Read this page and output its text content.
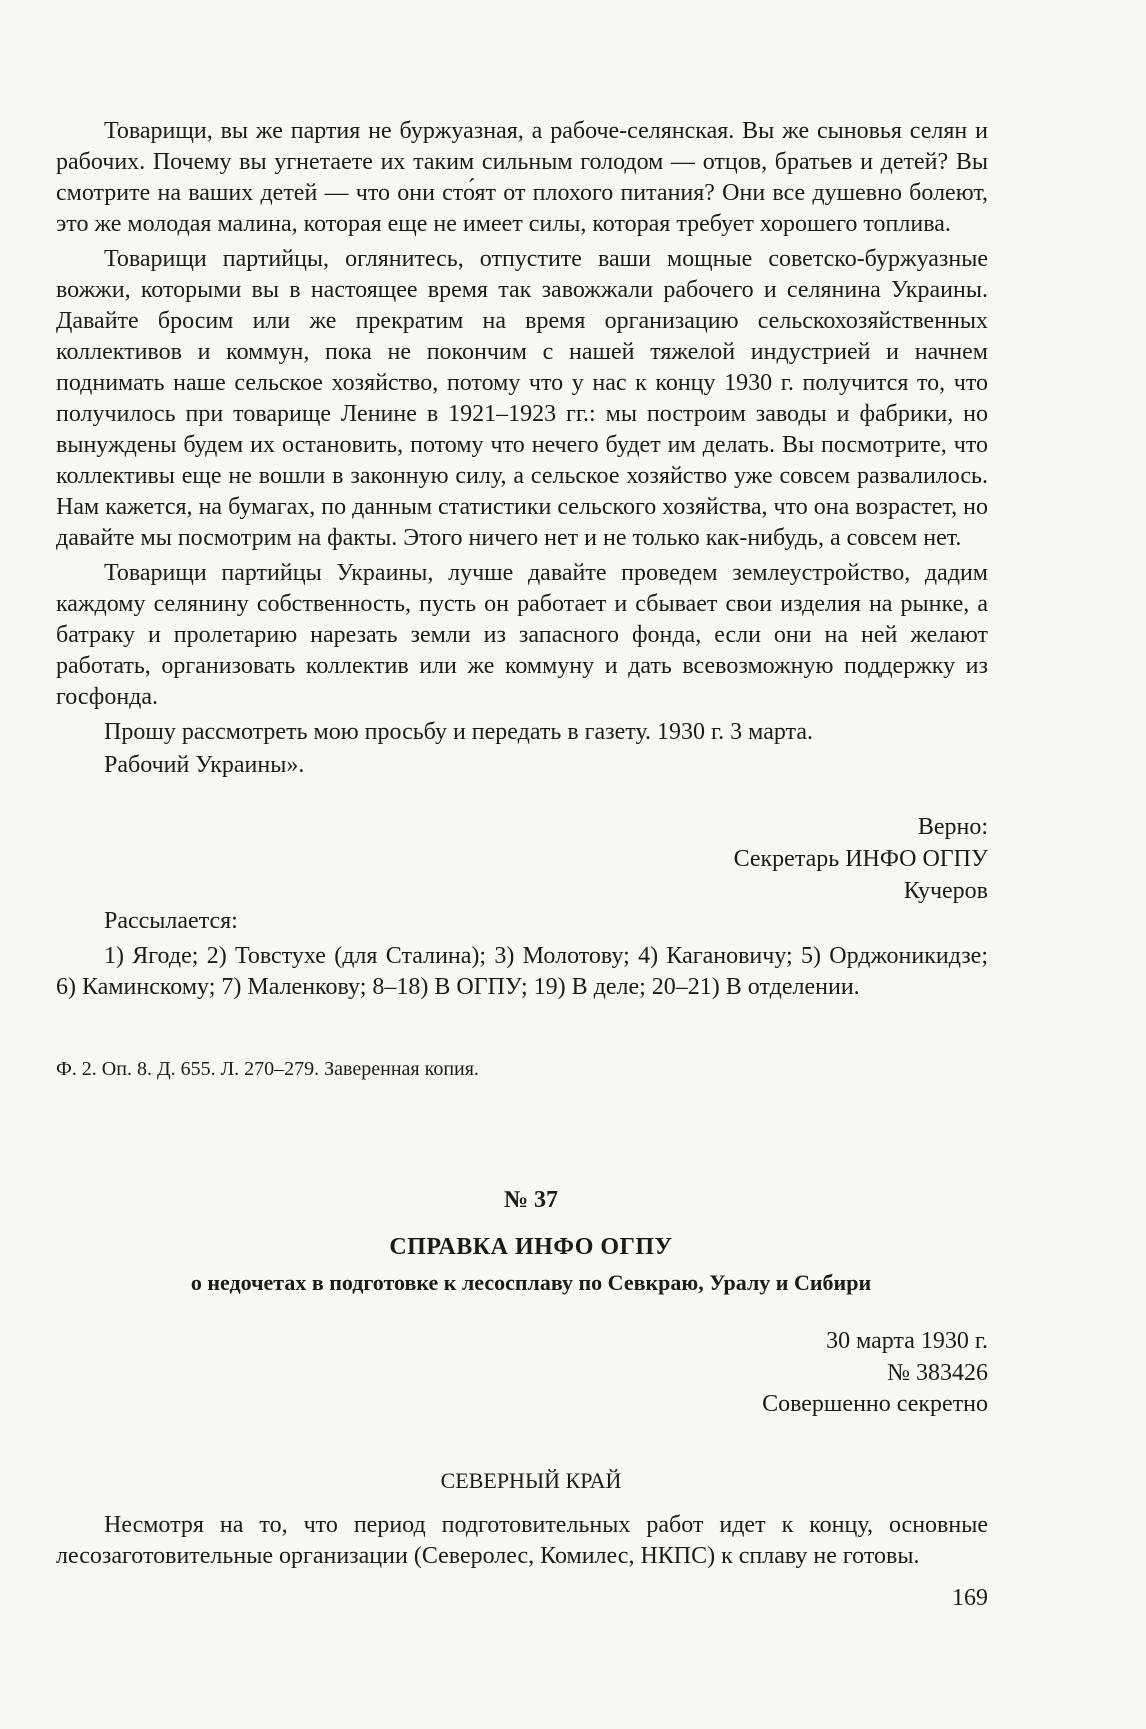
Товарищи, вы же партия не буржуазная, а рабоче-селянская. Вы же сыновья селян и рабочих. Почему вы угнетаете их таким сильным голодом — отцов, братьев и детей? Вы смотрите на ваших детей — что они сто́ят от плохого питания? Они все душевно болеют, это же молодая малина, которая еще не имеет силы, которая требует хорошего топлива.

Товарищи партийцы, оглянитесь, отпустите ваши мощные советско-буржуазные вожжи, которыми вы в настоящее время так завожжали рабочего и селянина Украины. Давайте бросим или же прекратим на время организацию сельскохозяйственных коллективов и коммун, пока не покончим с нашей тяжелой индустрией и начнем поднимать наше сельское хозяйство, потому что у нас к концу 1930 г. получится то, что получилось при товарище Ленине в 1921–1923 гг.: мы построим заводы и фабрики, но вынуждены будем их остановить, потому что нечего будет им делать. Вы посмотрите, что коллективы еще не вошли в законную силу, а сельское хозяйство уже совсем развалилось. Нам кажется, на бумагах, по данным статистики сельского хозяйства, что она возрастет, но давайте мы посмотрим на факты. Этого ничего нет и не только как-нибудь, а совсем нет.

Товарищи партийцы Украины, лучше давайте проведем землеустройство, дадим каждому селянину собственность, пусть он работает и сбывает свои изделия на рынке, а батраку и пролетарию нарезать земли из запасного фонда, если они на ней желают работать, организовать коллектив или же коммуну и дать всевозможную поддержку из госфонда.

Прошу рассмотреть мою просьбу и передать в газету. 1930 г. 3 марта.

Рабочий Украины».

Верно:
Секретарь ИНФО ОГПУ
Кучеров

Рассылается:

1) Ягоде; 2) Товстухе (для Сталина); 3) Молотову; 4) Кагановичу; 5) Орджоникидзе; 6) Каминскому; 7) Маленкову; 8–18) В ОГПУ; 19) В деле; 20–21) В отделении.

Ф. 2. Оп. 8. Д. 655. Л. 270–279. Заверенная копия.
№ 37
СПРАВКА ИНФО ОГПУ
о недочетах в подготовке к лесосплаву по Севкраю, Уралу и Сибири
30 марта 1930 г.
№ 383426
Совершенно секретно
СЕВЕРНЫЙ КРАЙ

Несмотря на то, что период подготовительных работ идет к концу, основные лесозаготовительные организации (Северолес, Комилес, НКПС) к сплаву не готовы.

169
